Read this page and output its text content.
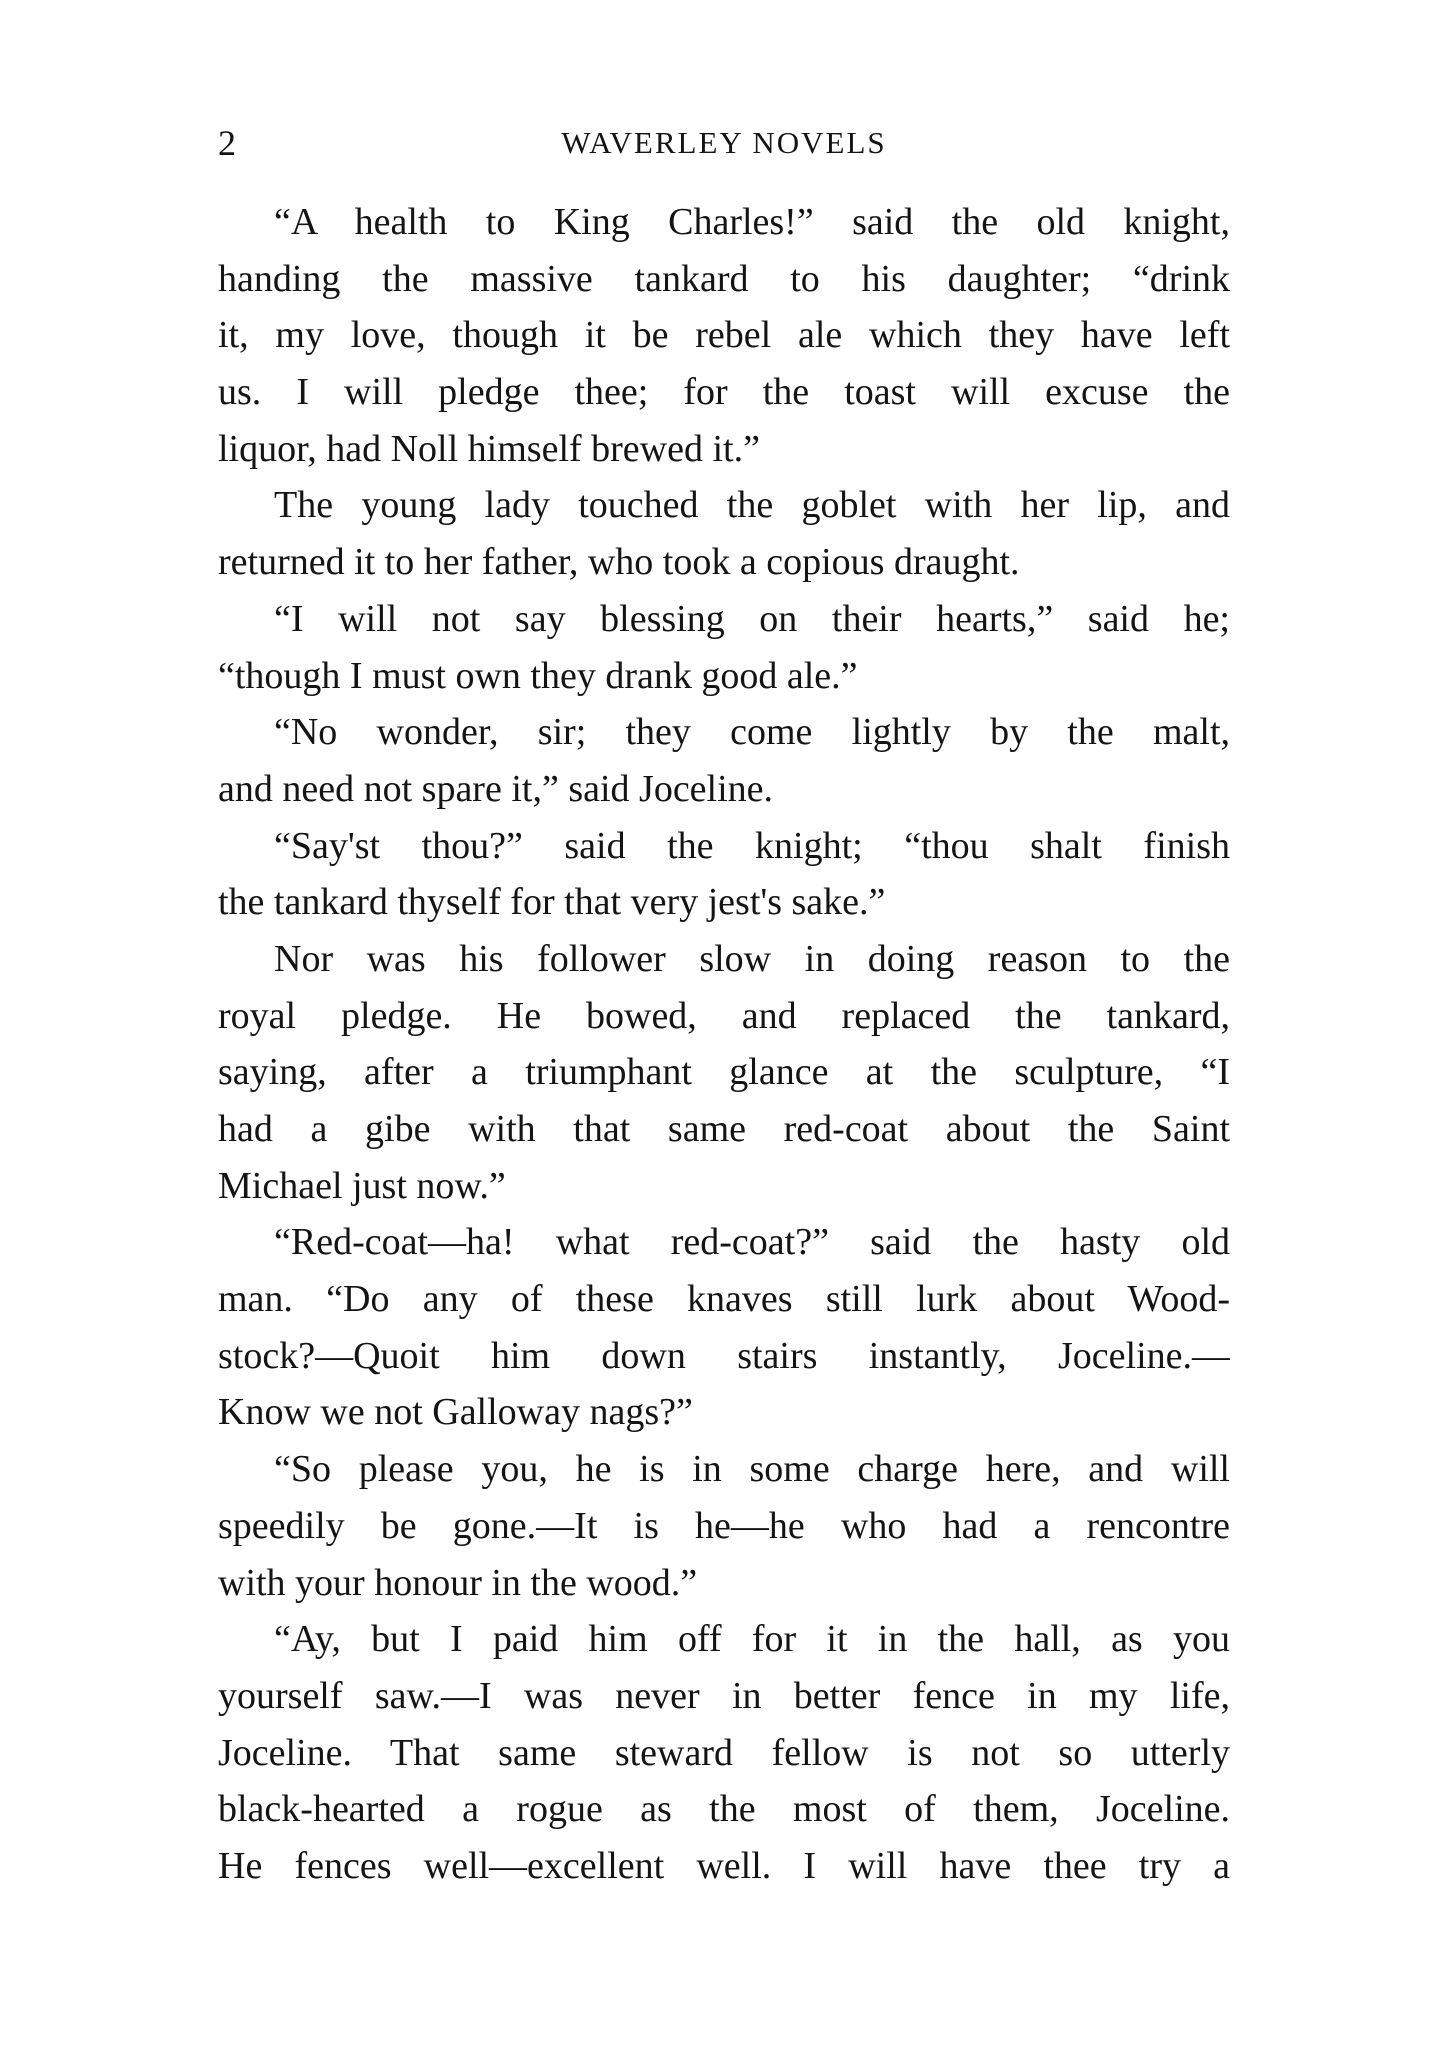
2	WAVERLEY NOVELS
“A health to King Charles!” said the old knight,
handing the massive tankard to his daughter; “drink
it, my love, though it be rebel ale which they have left
us. I will pledge thee; for the toast will excuse the
liquor, had Noll himself brewed it.”
The young lady touched the goblet with her lip, and
returned it to her father, who took a copious draught.
“I will not say blessing on their hearts,” said he;
“though I must own they drank good ale.”
“No wonder, sir; they come lightly by the malt,
and need not spare it,” said Joceline.
“Say'st thou?” said the knight; “thou shalt finish
the tankard thyself for that very jest's sake.”
Nor was his follower slow in doing reason to the
royal pledge. He bowed, and replaced the tankard,
saying, after a triumphant glance at the sculpture, “I
had a gibe with that same red-coat about the Saint
Michael just now.”
“Red-coat—ha! what red-coat?” said the hasty old
man. “Do any of these knaves still lurk about Wood-
stock?—Quoit him down stairs instantly, Joceline.—
Know we not Galloway nags?”
“So please you, he is in some charge here, and will
speedily be gone.—It is he—he who had a rencontre
with your honour in the wood.”
“Ay, but I paid him off for it in the hall, as you
yourself saw.—I was never in better fence in my life,
Joceline. That same steward fellow is not so utterly
black-hearted a rogue as the most of them, Joceline.
He fences well—excellent well. I will have thee try a
